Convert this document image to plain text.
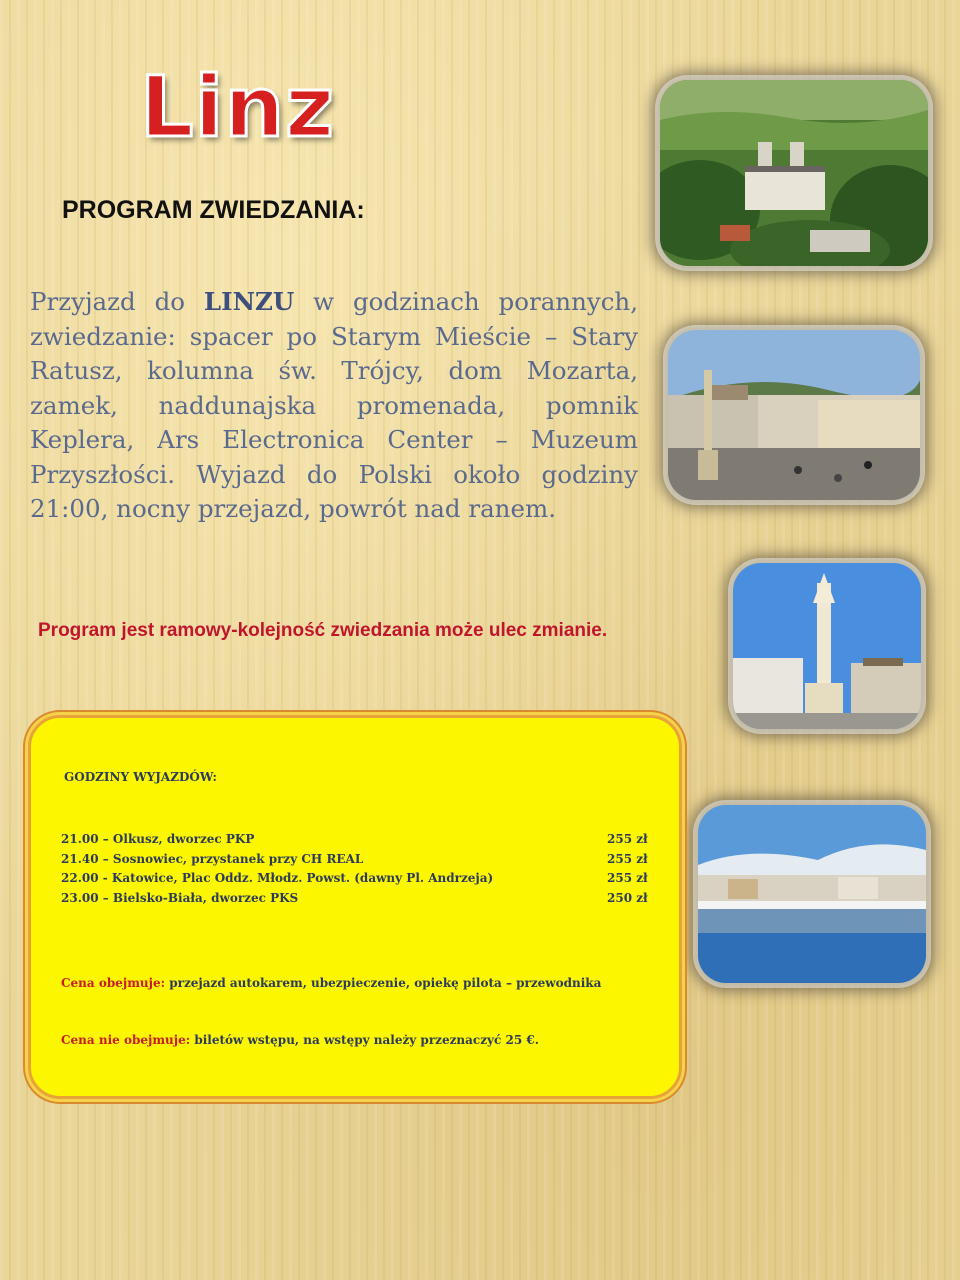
Linz
PROGRAM ZWIEDZANIA:

Przyjazd do LINZU w godzinach porannych, zwiedzanie: spacer po Starym Mieście – Stary Ratusz, kolumna św. Trójcy, dom Mozarta, zamek, naddunajska promenada, pomnik Keplera, Ars Electronica Center – Muzeum Przyszłości. Wyjazd do Polski około godziny 21:00, nocny przejazd, powrót nad ranem.

Program jest ramowy-kolejność zwiedzania może ulec zmianie.
GODZINY WYJAZDÓW:
21.00 – Olkusz, dworzec PKP	255 zł
21.40 – Sosnowiec, przystanek przy CH REAL	255 zł
22.00 - Katowice, Plac Oddz. Młodz. Powst. (dawny Pl. Andrzeja)	255 zł
23.00 – Bielsko-Biała, dworzec PKS	250 zł
Cena obejmuje: przejazd autokarem, ubezpieczenie, opiekę pilota – przewodnika
Cena nie obejmuje: biletów wstępu, na wstępy należy przeznaczyć 25 €.
